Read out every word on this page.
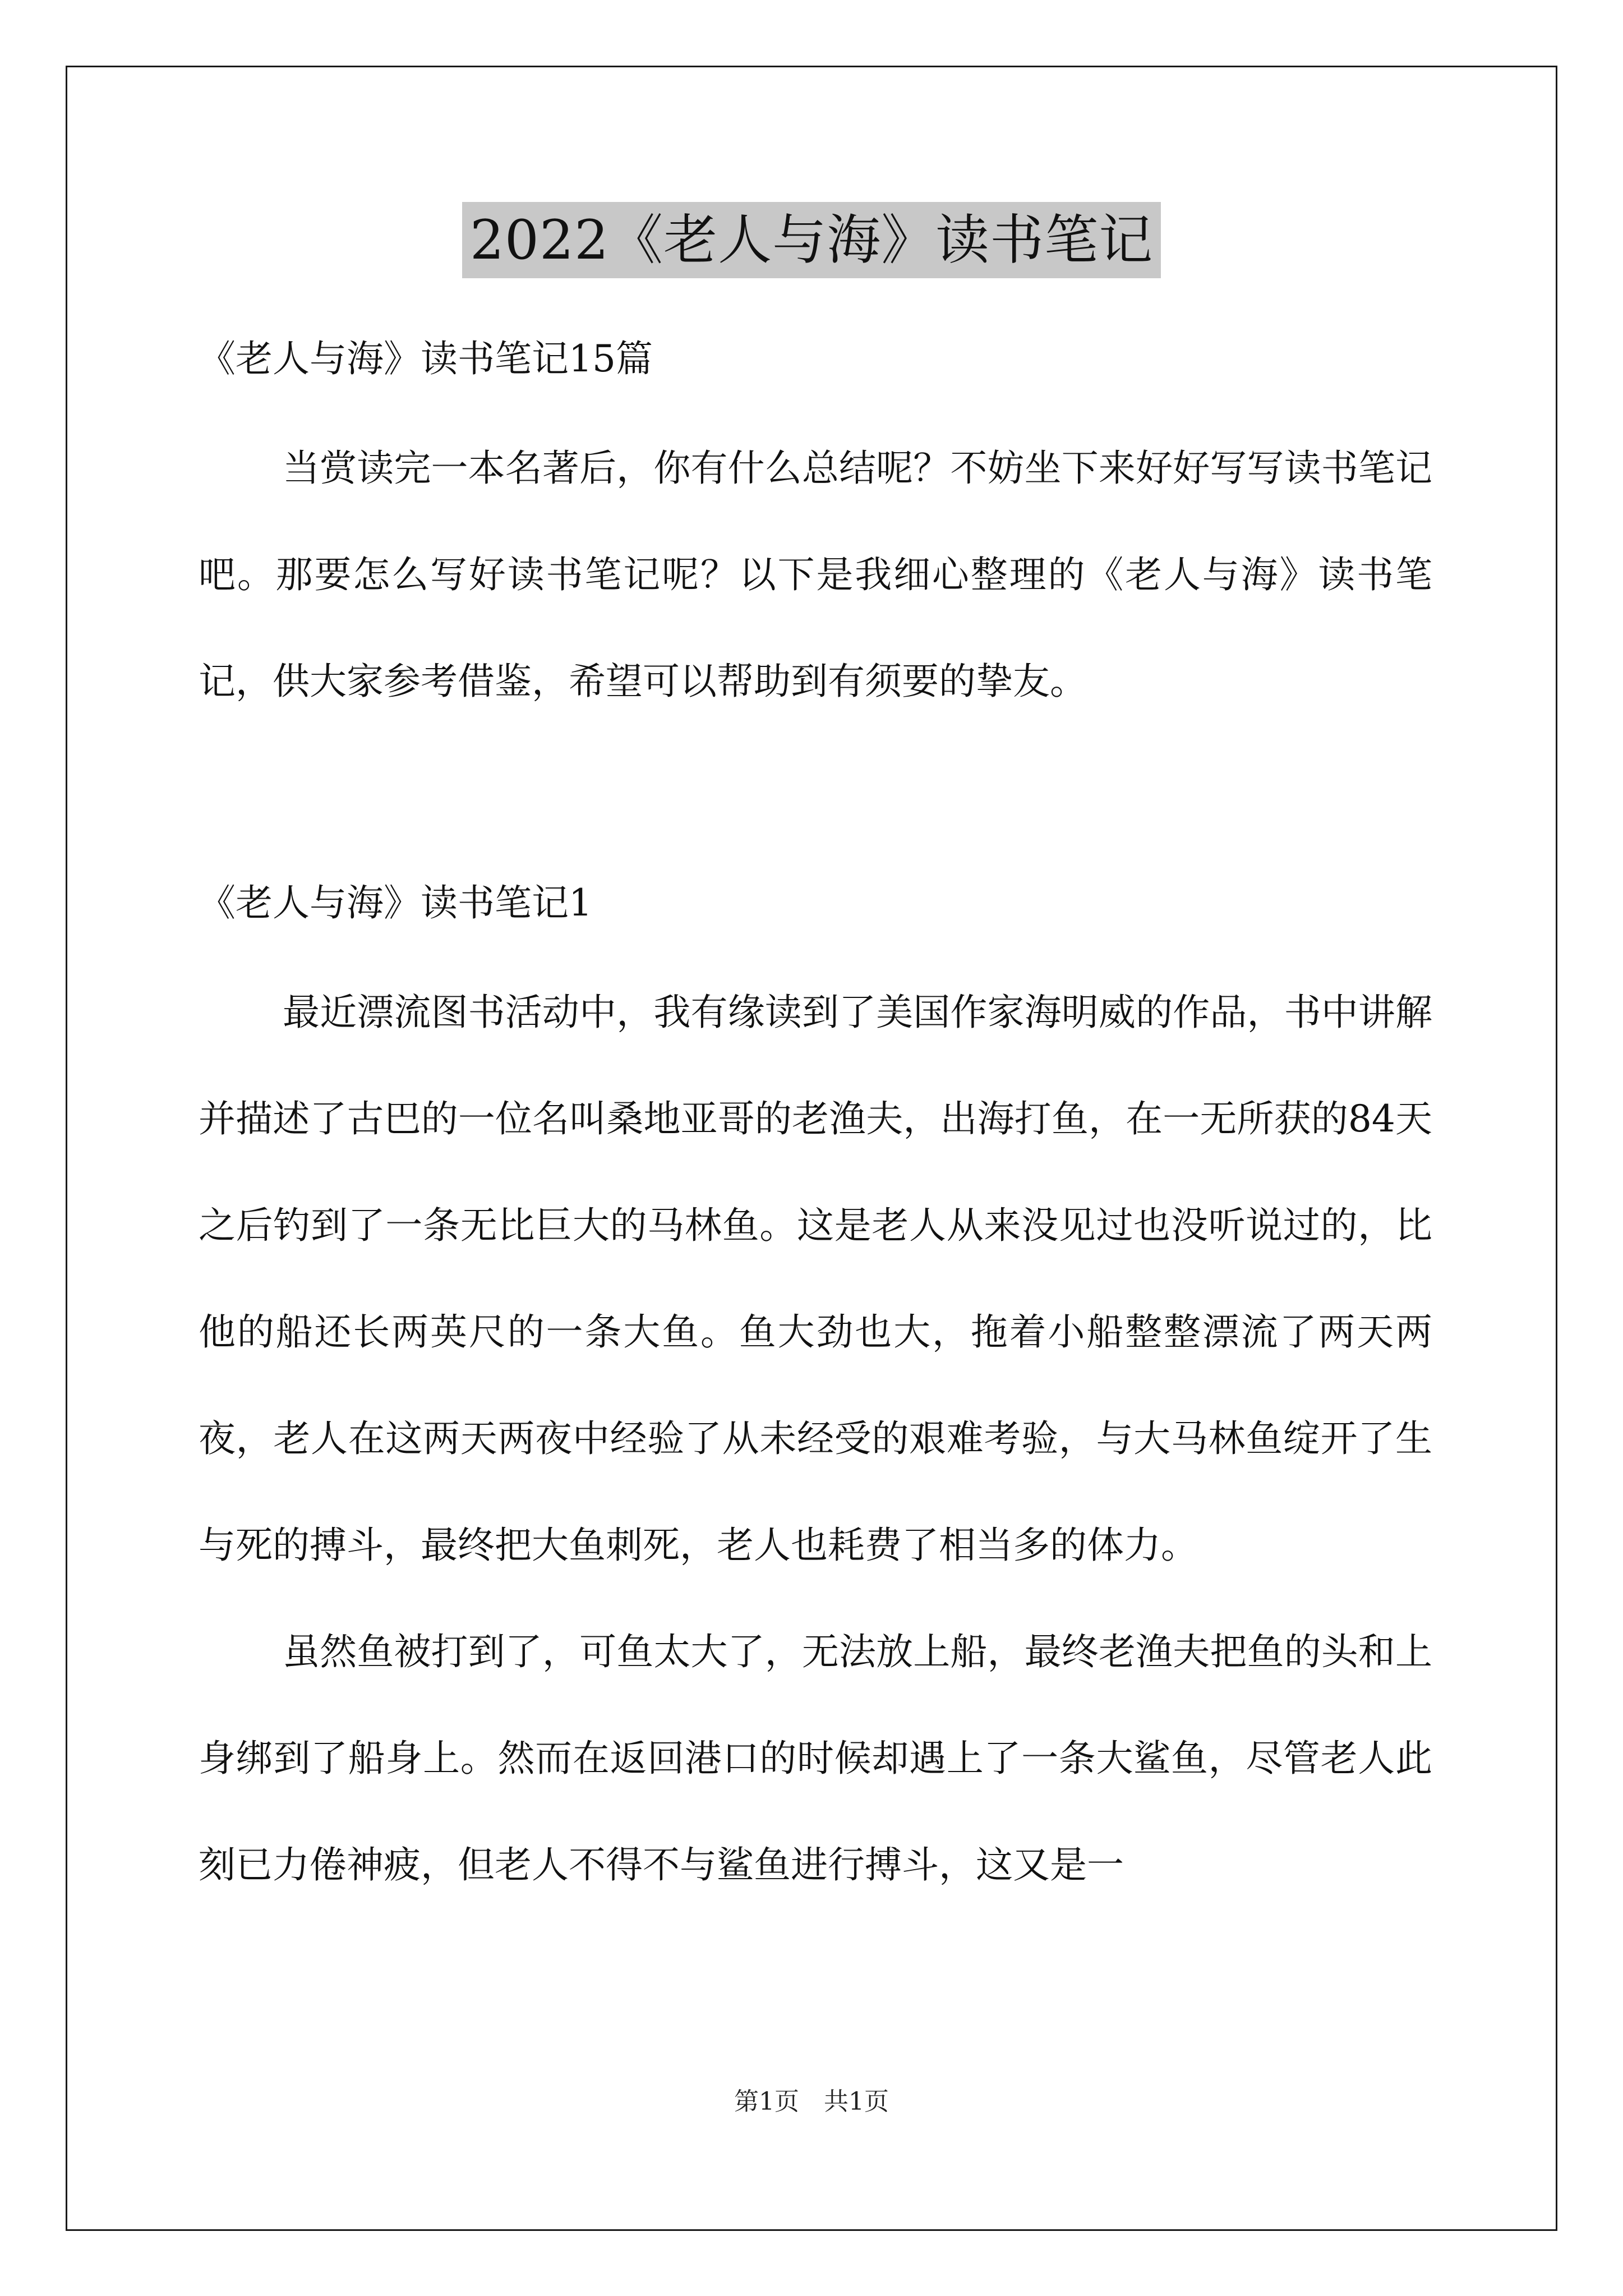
2022《老人与海》读书笔记

《老人与海》读书笔记15篇

当赏读完一本名著后，你有什么总结呢？不妨坐下来好好写写读书笔记吧。那要怎么写好读书笔记呢？以下是我细心整理的《老人与海》读书笔记，供大家参考借鉴，希望可以帮助到有须要的挚友。

《老人与海》读书笔记1

最近漂流图书活动中，我有缘读到了美国作家海明威的作品，书中讲解并描述了古巴的一位名叫桑地亚哥的老渔夫，出海打鱼，在一无所获的84天之后钓到了一条无比巨大的马林鱼。这是老人从来没见过也没听说过的，比他的船还长两英尺的一条大鱼。鱼大劲也大，拖着小船整整漂流了两天两夜，老人在这两天两夜中经验了从未经受的艰难考验，与大马林鱼绽开了生与死的搏斗，最终把大鱼刺死，老人也耗费了相当多的体力。

虽然鱼被打到了，可鱼太大了，无法放上船，最终老渔夫把鱼的头和上身绑到了船身上。然而在返回港口的时候却遇上了一条大鲨鱼，尽管老人此刻已力倦神疲，但老人不得不与鲨鱼进行搏斗，这又是一

第1页　共1页
